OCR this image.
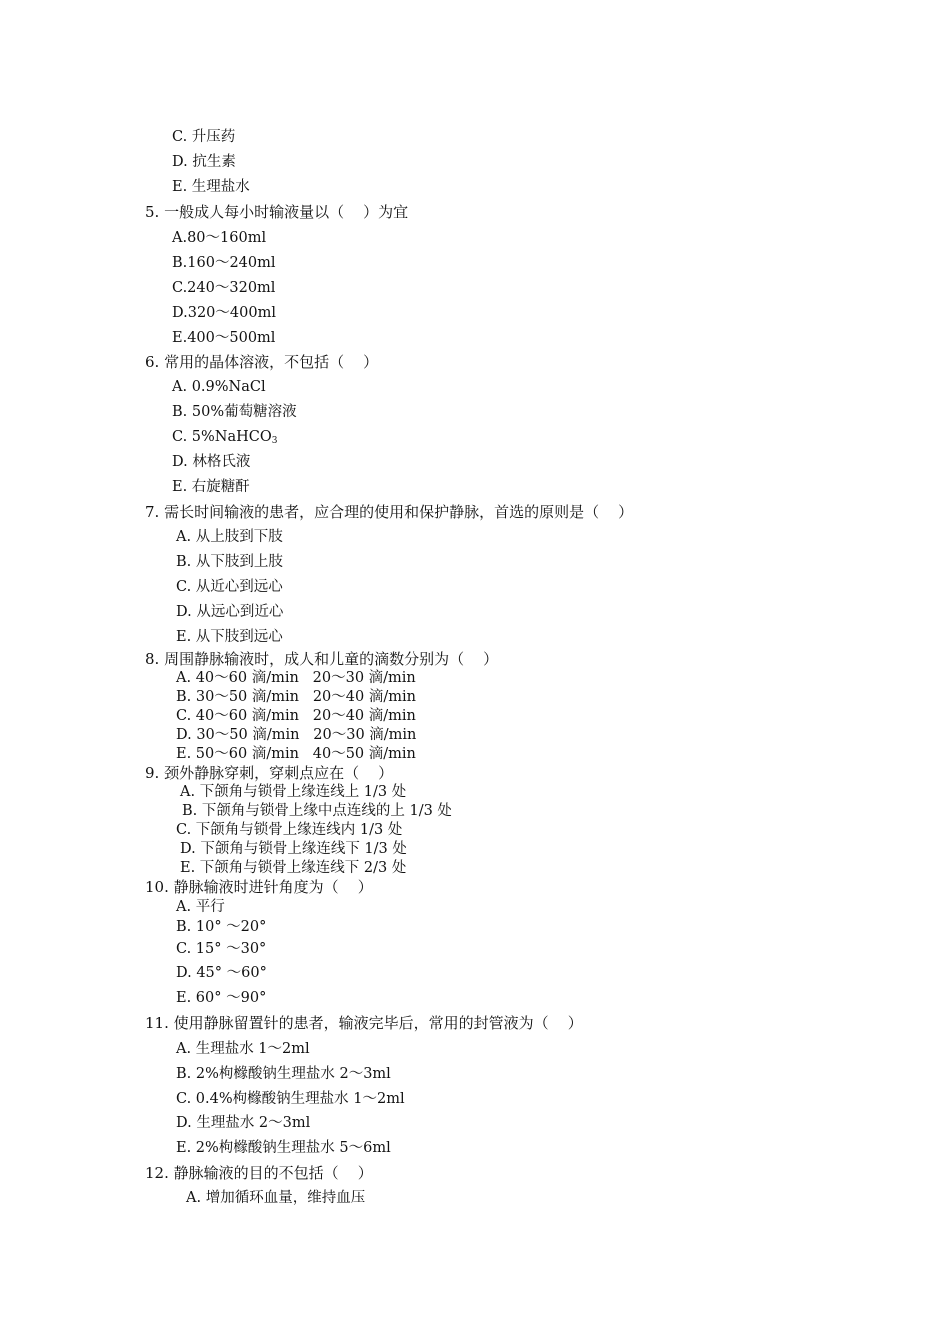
C. 升压药
D. 抗生素
E. 生理盐水
5. 一般成人每小时输液量以（    ）为宜
A.80～160ml
B.160～240ml
C.240～320ml
D.320～400ml
E.400～500ml
6. 常用的晶体溶液，不包括（    ）
A. 0.9%NaCl
B. 50%葡萄糖溶液
C. 5%NaHCO$_3$
D. 林格氏液
E. 右旋糖酐
7. 需长时间输液的患者，应合理的使用和保护静脉，首选的原则是（    ）
A. 从上肢到下肢
B. 从下肢到上肢
C. 从近心到远心
D. 从远心到近心
E. 从下肢到远心
8. 周围静脉输液时，成人和儿童的滴数分别为（    ）
A. 40～60 滴/min   20～30 滴/min
B. 30～50 滴/min   20～40 滴/min
C. 40～60 滴/min   20～40 滴/min
D. 30～50 滴/min   20～30 滴/min
E. 50～60 滴/min   40～50 滴/min
9. 颈外静脉穿刺，穿刺点应在（    ）
A. 下颌角与锁骨上缘连线上 1/3 处
B. 下颌角与锁骨上缘中点连线的上 1/3 处
C. 下颌角与锁骨上缘连线内 1/3 处
D. 下颌角与锁骨上缘连线下 1/3 处
E. 下颌角与锁骨上缘连线下 2/3 处
10. 静脉输液时进针角度为（    ）
A. 平行
B. 10° ～20°
C. 15° ～30°
D. 45° ～60°
E. 60° ～90°
11. 使用静脉留置针的患者，输液完毕后，常用的封管液为（    ）
A. 生理盐水 1～2ml
B. 2%枸橼酸钠生理盐水 2～3ml
C. 0.4%枸橼酸钠生理盐水 1～2ml
D. 生理盐水 2～3ml
E. 2%枸橼酸钠生理盐水 5～6ml
12. 静脉输液的目的不包括（    ）
A. 增加循环血量，维持血压
